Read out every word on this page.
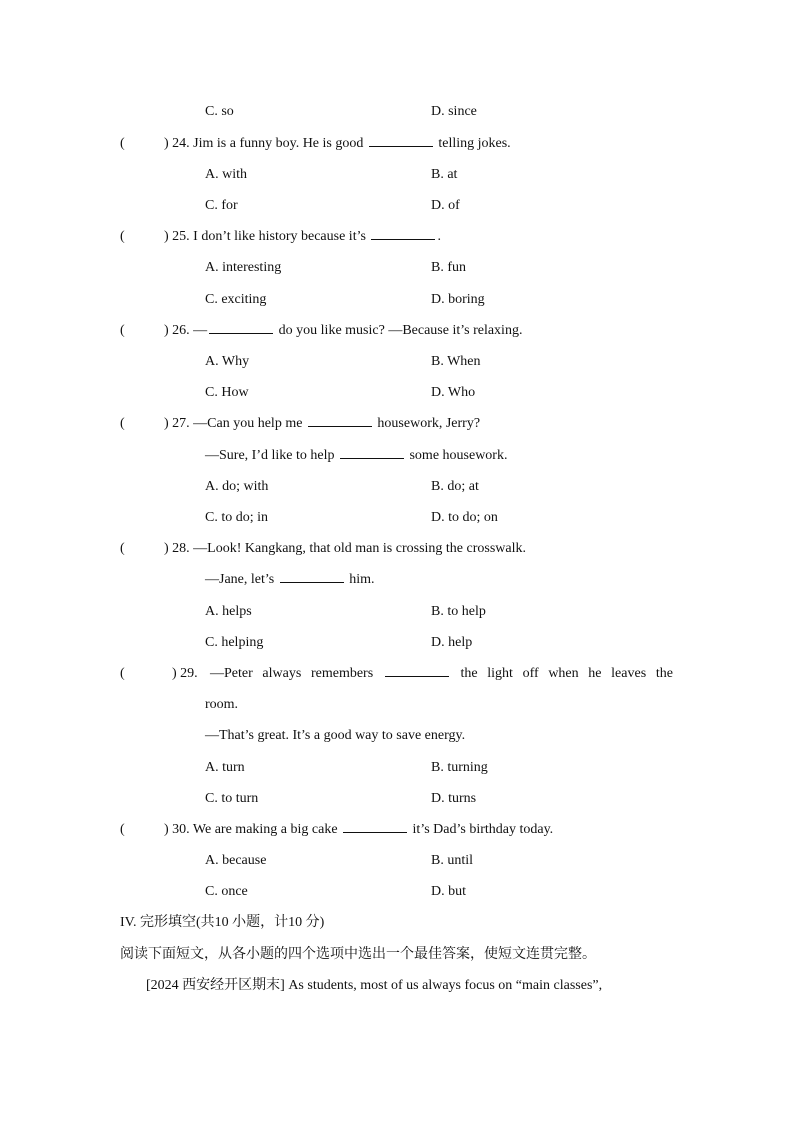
C. so	D. since
(	) 24. Jim is a funny boy. He is good	telling jokes.
A. with	B. at
C. for	D. of
(	) 25. I don’t like history because it’s	.
A. interesting	B. fun
C. exciting	D. boring
(	) 26. —	do you like music? —Because it’s relaxing.
A. Why	B. When
C. How	D. Who
(	) 27. —Can you help me	housework, Jerry?
—Sure, I’d like to help	some housework.
A. do; with	B. do; at
C. to do; in	D. to do; on
(	) 28. —Look! Kangkang, that old man is crossing the crosswalk.
—Jane, let’s	him.
A. helps	B. to help
C. helping	D. help
(	) 29. —Peter always remembers	the light off when he leaves the
room.
—That’s great. It’s a good way to save energy.
A. turn	B. turning
C. to turn	D. turns
(	) 30. We are making a big cake	it’s Dad’s birthday today.
A. because	B. until
C. once	D. but
IV. 完形填空(共10 小题，计10 分)
阅读下面短文，从各小题的四个选项中选出一个最佳答案，使短文连贯完整。
[2024 西安经开区期末] As students, most of us always focus on “main classes”,
